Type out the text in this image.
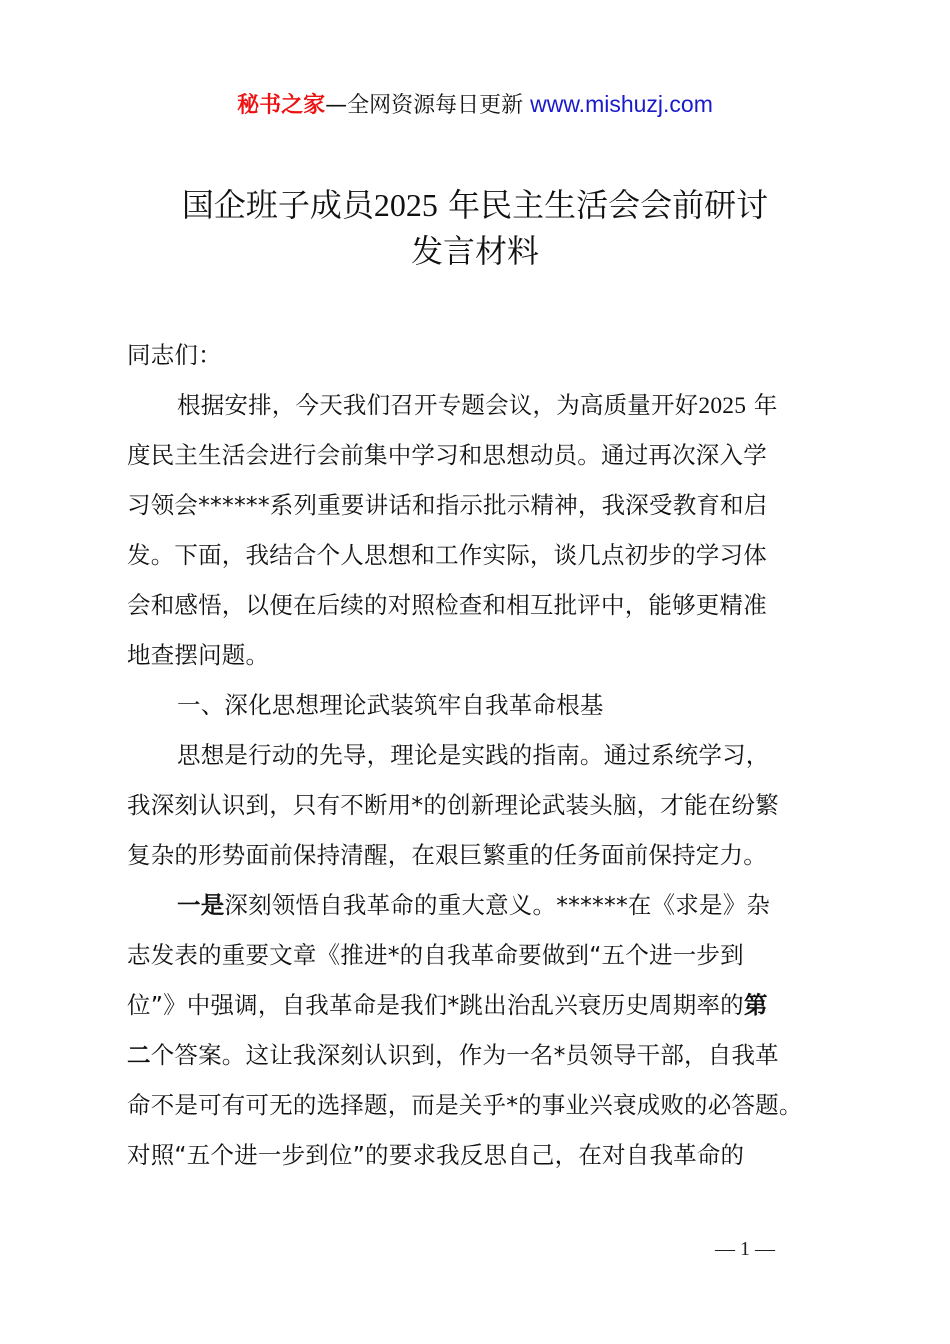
秘书之家—全网资源每日更新 www.mishuzj.com
国企班子成员2025 年民主生活会会前研讨
发言材料
同志们：
根据安排，今天我们召开专题会议，为高质量开好2025 年
度民主生活会进行会前集中学习和思想动员。通过再次深入学
习领会******系列重要讲话和指示批示精神，我深受教育和启
发。下面，我结合个人思想和工作实际，谈几点初步的学习体
会和感悟，以便在后续的对照检查和相互批评中，能够更精准
地查摆问题。
一、深化思想理论武装筑牢自我革命根基
思想是行动的先导，理论是实践的指南。通过系统学习，
我深刻认识到，只有不断用*的创新理论武装头脑，才能在纷繁
复杂的形势面前保持清醒，在艰巨繁重的任务面前保持定力。
一是深刻领悟自我革命的重大意义。******在《求是》杂
志发表的重要文章《推进*的自我革命要做到“五个进一步到
位”》中强调，自我革命是我们*跳出治乱兴衰历史周期率的第
二个答案。这让我深刻认识到，作为一名*员领导干部，自我革
命不是可有可无的选择题，而是关乎*的事业兴衰成败的必答题。
对照“五个进一步到位”的要求我反思自己，在对自我革命的
— 1 —
